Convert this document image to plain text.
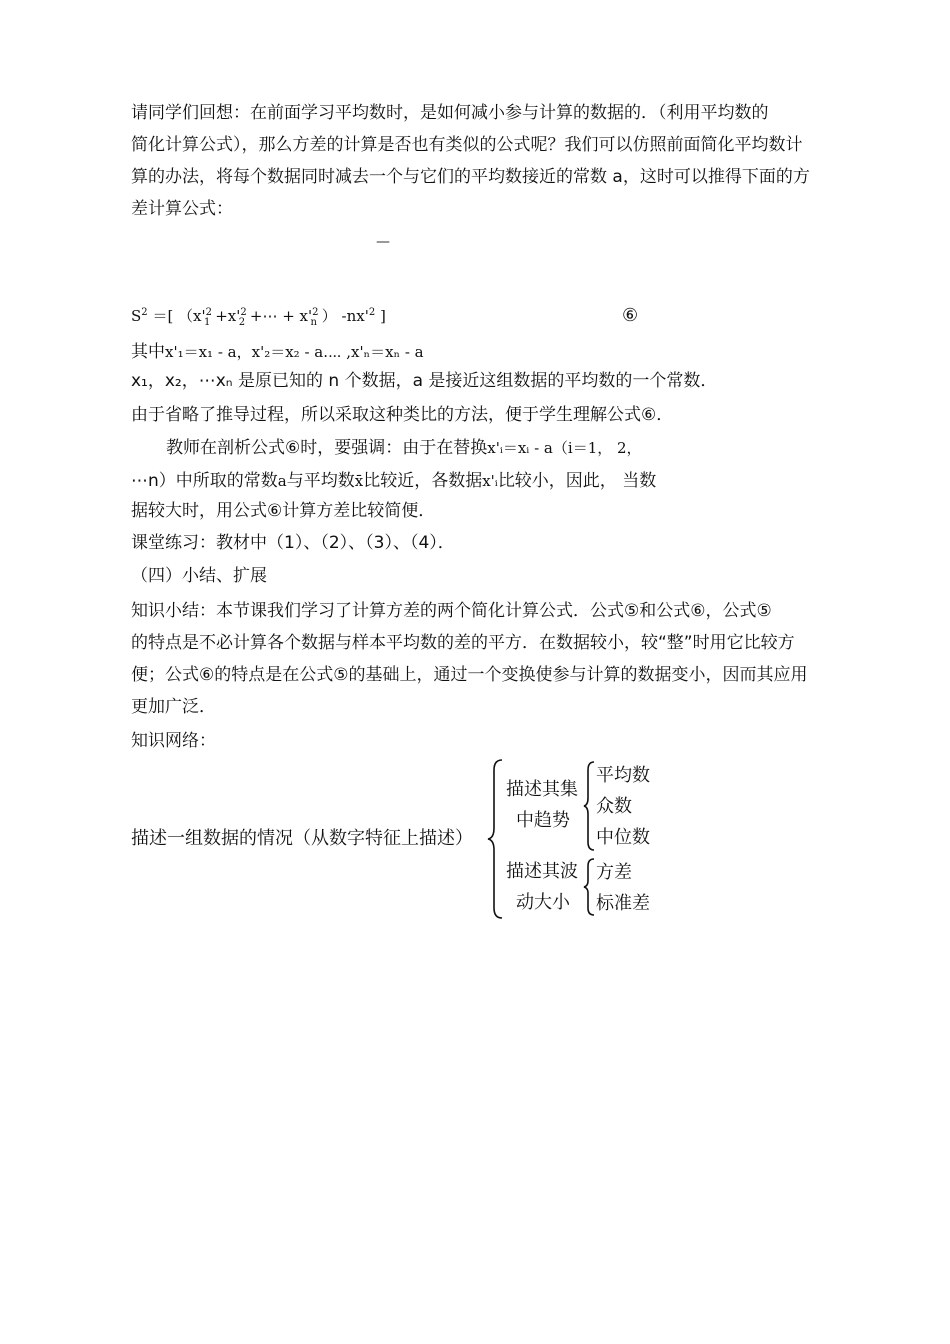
请同学们回想：在前面学习平均数时，是如何减小参与计算的数据的．（利用平均数的
简化计算公式），那么方差的计算是否也有类似的公式呢？我们可以仿照前面简化平均数计
算的办法，将每个数据同时减去一个与它们的平均数接近的常数 a，这时可以推得下面的方
差计算公式：
—
$S^2$ ＝[ （$x'^2_1 +x'^2_2$ +⋯ + $x'^2_n$ ） $-nx'^2$ ]	⑥
其中x'₁＝x₁ - a，x'₂＝x₂ - a.⋯ ,x'ₙ＝xₙ - a
x₁，x₂，⋯xₙ 是原已知的 n 个数据，a 是接近这组数据的平均数的一个常数．
由于省略了推导过程，所以采取这种类比的方法，便于学生理解公式⑥．
教师在剖析公式⑥时，要强调：由于在替换x'ᵢ＝xᵢ - a（i＝1， 2，
⋯n）中所取的常数a与平均数x̄比较近，各数据x'ᵢ比较小，因此， 当数
据较大时，用公式⑥计算方差比较简便．
课堂练习：教材中（1）、（2）、（3）、（4）．
（四）小结、扩展
知识小结：本节课我们学习了计算方差的两个简化计算公式．公式⑤和公式⑥，公式⑤
的特点是不必计算各个数据与样本平均数的差的平方．在数据较小，较“整”时用它比较方
便；公式⑥的特点是在公式⑤的基础上，通过一个变换使参与计算的数据变小，因而其应用
更加广泛．
知识网络：
描述一组数据的情况（从数字特征上描述）
描述其集
中趋势
平均数
众数
中位数
描述其波
动大小
方差
标准差
